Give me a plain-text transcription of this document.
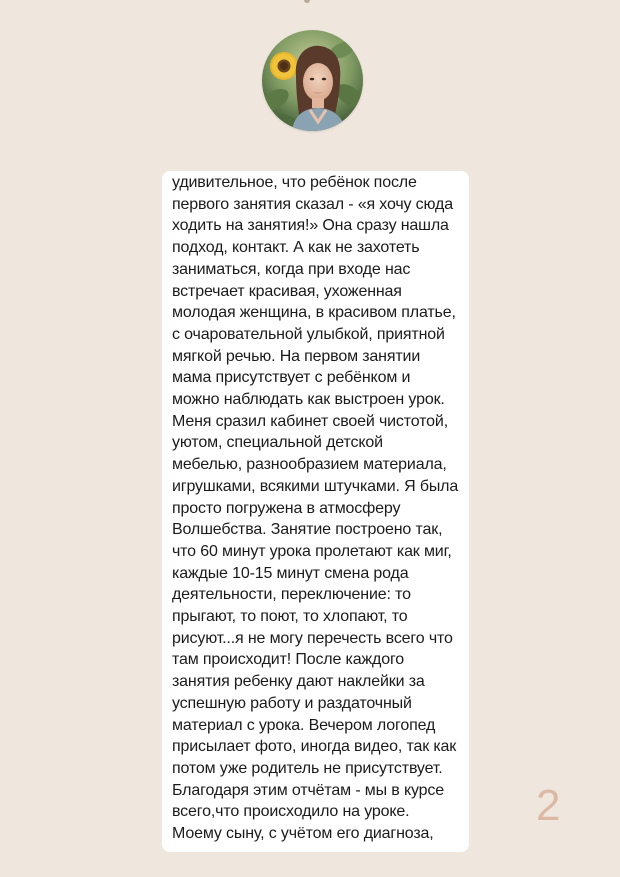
удивительное, что ребёнок после
первого занятия сказал - «я хочу сюда
ходить на занятия!» Она сразу нашла
подход, контакт. А как не захотеть
заниматься, когда при входе нас
встречает красивая, ухоженная
молодая женщина, в красивом платье,
с очаровательной улыбкой, приятной
мягкой речью. На первом занятии
мама присутствует с ребёнком и
можно наблюдать как выстроен урок.
Меня сразил кабинет своей чистотой,
уютом, специальной детской
мебелью, разнообразием материала,
игрушками, всякими штучками. Я была
просто погружена в атмосферу
Волшебства. Занятие построено так,
что 60 минут урока пролетают как миг,
каждые 10-15 минут смена рода
деятельности, переключение: то
прыгают, то поют, то хлопают, то
рисуют...я не могу перечесть всего что
там происходит! После каждого
занятия ребенку дают наклейки за
успешную работу и раздаточный
материал с урока. Вечером логопед
присылает фото, иногда видео, так как
потом уже родитель не присутствует.
Благодаря этим отчётам - мы в курсе
всего,что происходило на уроке.
Моему сыну, с учётом его диагноза,

2
